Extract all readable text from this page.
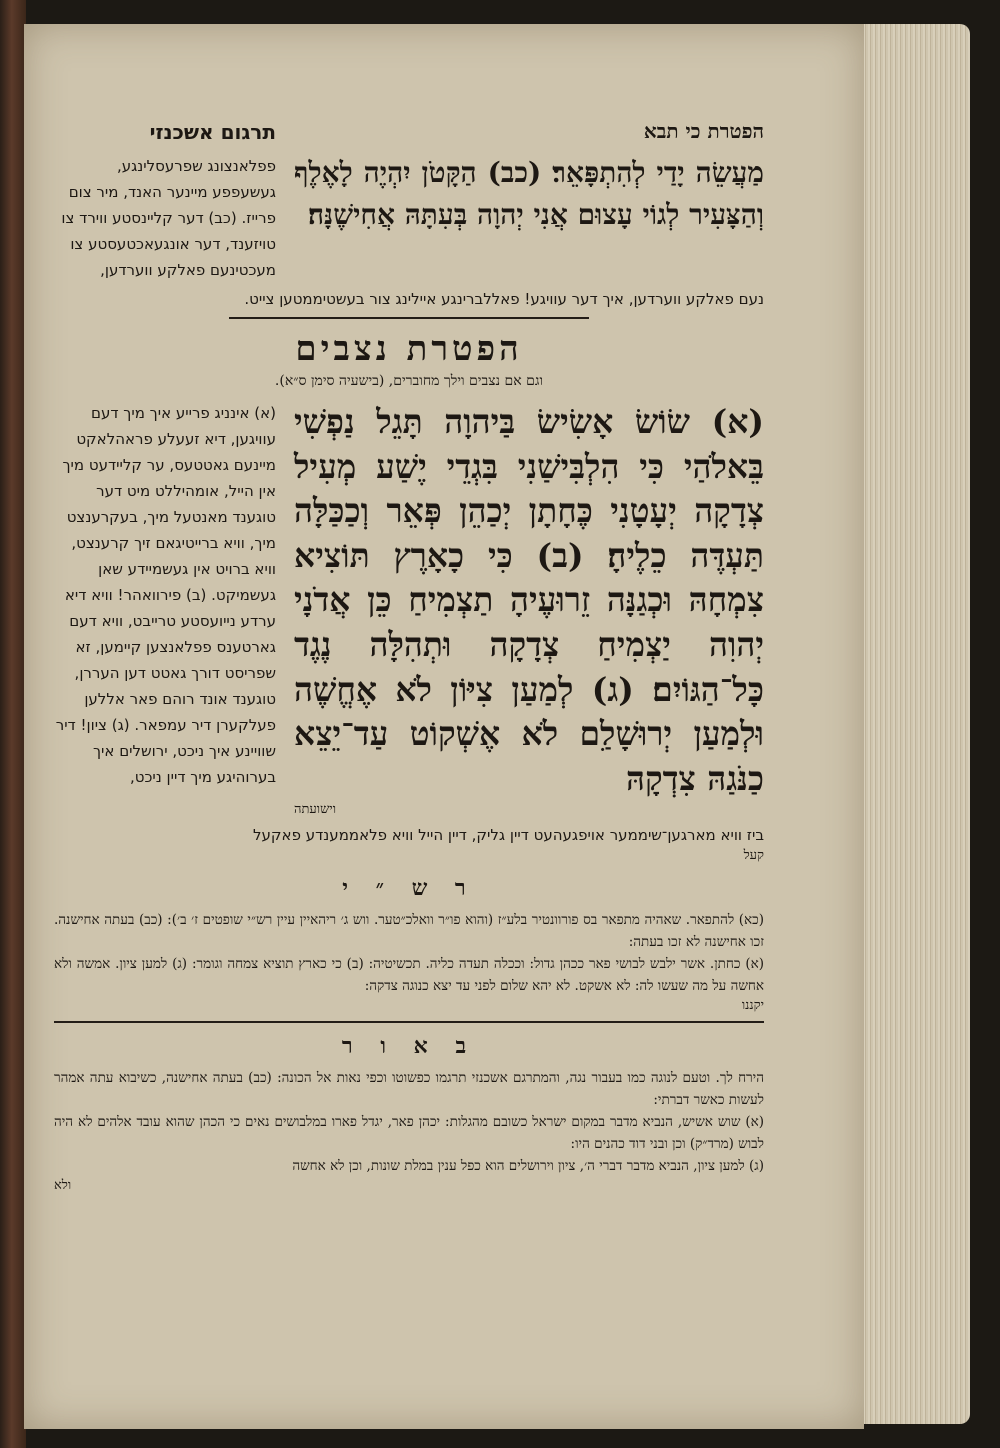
הפטרת כי תבא
מַעֲשֵׂה יָדַי לְהִתְפָּאֵר׃ (כב) הַקָּטֹן יִהְיֶה לָאֶלֶף וְהַצָּעִיר לְגוֹי עָצוּם אֲנִי יְהוָה בְּעִתָּהּ אֲחִישֶׁנָּה׃
תרגום אשכנזי
פפלאנצונג שפרעסלינגע, געשעפפע מיינער האנד, מיר צום פרייז. (כב) דער קליינסטע ווירד צו טויזענד, דער אונגעאכטעסטע צו מעכטינעם פאלקע ווערדען,
נעם פאלקע ווערדען, איך דער עוויגע! פאללברינגע איילינג צור בעשטיממטען צייט.
הפטרת נצבים
וגם אם נצבים וילך מחוברים, (בישעיה סימן ס״א).
(א) שׂוֹשׂ אָשִׂישׂ בַּיהוָה תָּגֵל נַפְשִׁי בֵּאלֹהַי כִּי הִלְבִּישַׁנִי בִּגְדֵי יֶשַׁע מְעִיל צְדָקָה יְעָטָנִי כֶּחָתָן יְכַהֵן פְּאֵר וְכַכַּלָּה תַּעְדֶּה כֵלֶיהָ׃ (ב) כִּי כָאָרֶץ תּוֹצִיא צִמְחָהּ וּכְגַנָּה זֵרוּעֶיהָ תַצְמִיחַ כֵּן אֲדֹנָי יְהוִה יַצְמִיחַ צְדָקָה וּתְהִלָּה נֶגֶד כָּל־הַגּוֹיִם׃ (ג) לְמַעַן צִיּוֹן לֹא אֶחֱשֶׁה וּלְמַעַן יְרוּשָׁלִַם לֹא אֶשְׁקוֹט עַד־יֵצֵא כַנֹּגַהּ צִדְקָהּ
וישועתה
(א) אינניג פרייע איך מיך דעם עוויגען, דיא זעעלע פראהלאקט מיינעם גאטטעס, ער קליידעט מיך אין הייל, אומהיללט מיט דער טוגענד מאנטעל מיך, בעקרענצט מיך, וויא ברייטיגאם זיך קרענצט, וויא ברויט אין געשמיידע שאן געשמיקט. (ב) פירוואהר! וויא דיא ערדע נייועסטע טרייבט, וויא דעם גארטענס פפלאנצען קיימען, זא שפריסט דורך גאטט דען העררן, טוגענד אונד רוהם פאר אללען פעלקערן דיר עמפאר. (ג) ציון! דיר שוויינע איך ניכט, ירושלים איך בערוהיגע מיך דיין ניכט,
ביז וויא מארגען־שיממער אויפגעהעט דיין גליק, דיין הייל וויא פלאממענדע פאקעל
קעל
ר ש ״ י

(כא) להתפאר. שאהיה מתפאר בס פורוונטיר בלע״ז (והוא פו״ר וואלכ״טער. ווש ג׳ ריהאיין עיין רש״י שופטים ז׳ ב׳): (כב) בעתה אחישנה. זכו אחישנה לא זכו בעתה:

(א) כחתן. אשר ילבש לבושי פאר ככהן גדול: וככלה תעדה כליה. תכשיטיה: (ב) כי כארץ תוציא צמחה וגומר: (ג) למען ציון. אמשה ולא אחשה על מה שעשו לה: לא אשקט. לא יהא שלום לפני עד יצא כנוגה צדקה:

יקננו
ב א ו ר

הירח לך. וטעם לנוגה כמו בעבור נגה, והמתרגם אשכנזי תרגמו כפשוטו וכפי נאות אל הכונה: (כב) בעתה אחישנה, כשיבוא עתה אמהר לעשות כאשר דברתי:

(א) שוש אשיש, הנביא מדבר במקום ישראל כשובם מהגלות: יכהן פאר, יגדל פארו במלבושים נאים כי הכהן שהוא עובד אלהים לא היה לבוש (מרד״ק) וכן ובני דוד כהנים היו:

(ג) למען ציון, הנביא מדבר דברי ה׳, ציון וירושלים הוא כפל ענין במלת שונות, וכן לא אחשה

ולא
